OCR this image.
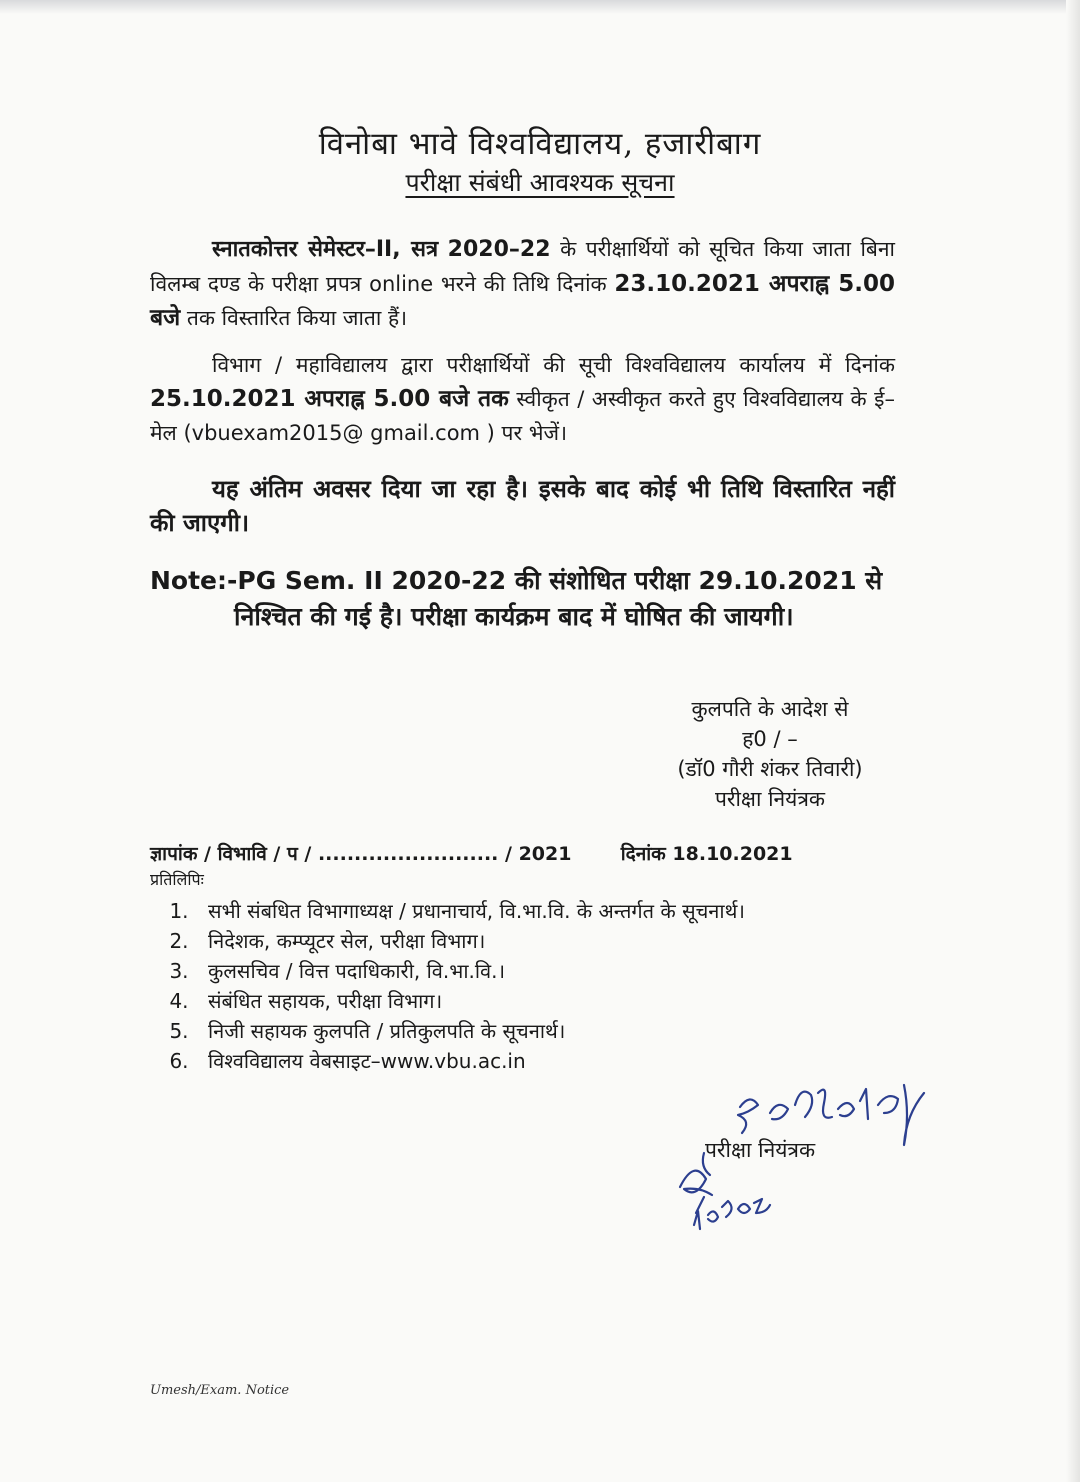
विनोबा भावे विश्वविद्यालय, हजारीबाग
परीक्षा संबंधी आवश्यक सूचना
स्नातकोत्तर सेमेस्टर–II, सत्र 2020–22 के परीक्षार्थियों को सूचित किया जाता बिना विलम्ब दण्ड के परीक्षा प्रपत्र online भरने की तिथि दिनांक 23.10.2021 अपराह्न 5.00 बजे तक विस्तारित किया जाता हैं।
विभाग / महाविद्यालय द्वारा परीक्षार्थियों की सूची विश्वविद्यालय कार्यालय में दिनांक 25.10.2021 अपराह्न 5.00 बजे तक स्वीकृत / अस्वीकृत करते हुए विश्वविद्यालय के ई–मेल (vbuexam2015@ gmail.com ) पर भेजें।
यह अंतिम अवसर दिया जा रहा है। इसके बाद कोई भी तिथि विस्तारित नहीं की जाएगी।
Note:-PG Sem. II 2020-22 की संशोधित परीक्षा 29.10.2021 से
निश्चित की गई है। परीक्षा कार्यक्रम बाद में घोषित की जायगी।
कुलपति के आदेश से
ह0 / –
(डॉ0 गौरी शंकर तिवारी)
परीक्षा नियंत्रक
ज्ञापांक / विभावि / प / ......................... / 2021	दिनांक 18.10.2021
प्रतिलिपिः
1. सभी संबधित विभागाध्यक्ष / प्रधानाचार्य, वि.भा.वि. के अन्तर्गत के सूचनार्थ।
2. निदेशक, कम्प्यूटर सेल, परीक्षा विभाग।
3. कुलसचिव / वित्त पदाधिकारी, वि.भा.वि.।
4. संबंधित सहायक, परीक्षा विभाग।
5. निजी सहायक कुलपति / प्रतिकुलपति के सूचनार्थ।
6. विश्वविद्यालय वेबसाइट–www.vbu.ac.in
परीक्षा नियंत्रक
Umesh/Exam. Notice
